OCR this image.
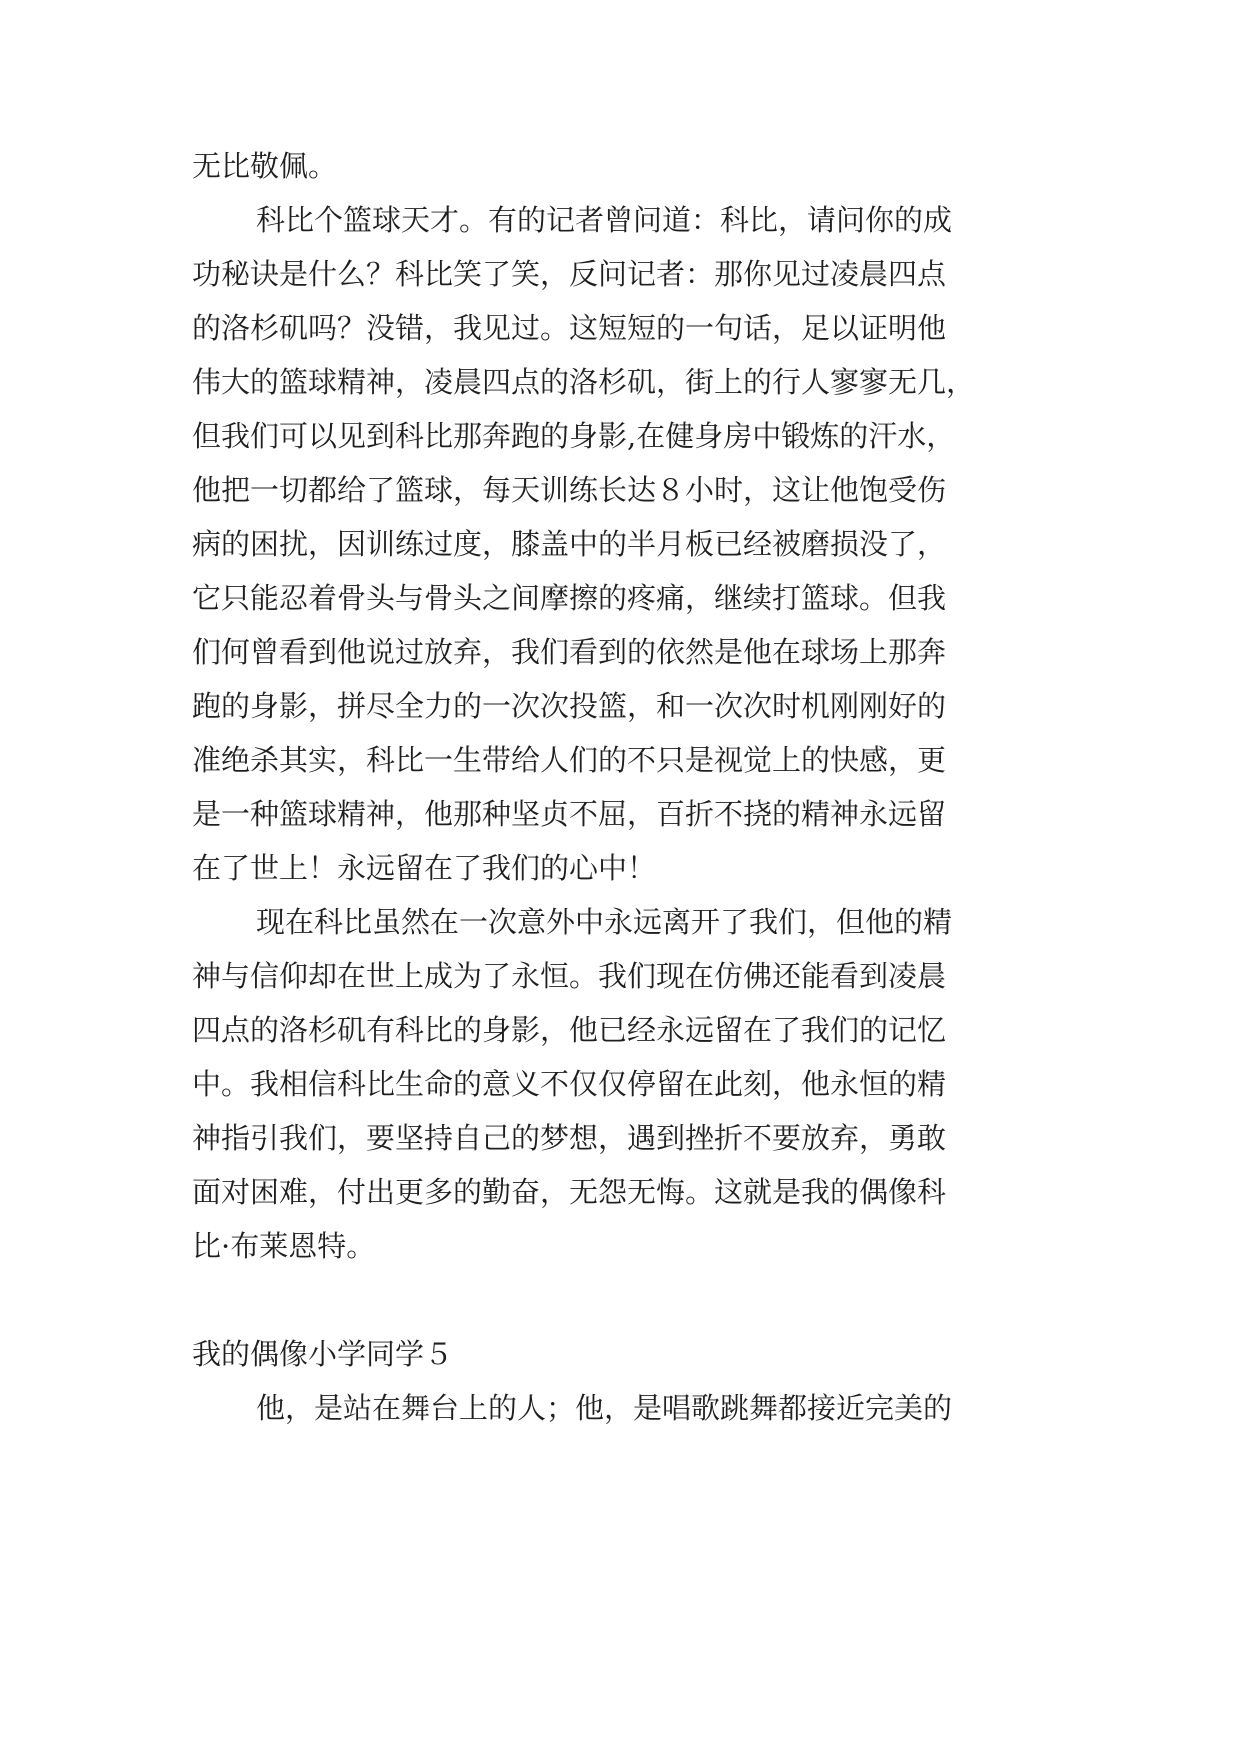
无比敬佩。

科比个篮球天才。有的记者曾问道：科比，请问你的成

功秘诀是什么？科比笑了笑，反问记者：那你见过凌晨四点

的洛杉矶吗？没错，我见过。这短短的一句话，足以证明他

伟大的篮球精神，凌晨四点的洛杉矶，街上的行人寥寥无几，

但我们可以见到科比那奔跑的身影,在健身房中锻炼的汗水，

他把一切都给了篮球，每天训练长达８小时，这让他饱受伤

病的困扰，因训练过度，膝盖中的半月板已经被磨损没了，

它只能忍着骨头与骨头之间摩擦的疼痛，继续打篮球。但我

们何曾看到他说过放弃，我们看到的依然是他在球场上那奔

跑的身影，拼尽全力的一次次投篮，和一次次时机刚刚好的

准绝杀其实，科比一生带给人们的不只是视觉上的快感，更

是一种篮球精神，他那种坚贞不屈，百折不挠的精神永远留

在了世上！永远留在了我们的心中！

现在科比虽然在一次意外中永远离开了我们，但他的精

神与信仰却在世上成为了永恒。我们现在仿佛还能看到凌晨

四点的洛杉矶有科比的身影，他已经永远留在了我们的记忆

中。我相信科比生命的意义不仅仅停留在此刻，他永恒的精

神指引我们，要坚持自己的梦想，遇到挫折不要放弃，勇敢

面对困难，付出更多的勤奋，无怨无悔。这就是我的偶像科

比·布莱恩特。

我的偶像小学同学５

他，是站在舞台上的人；他，是唱歌跳舞都接近完美的
